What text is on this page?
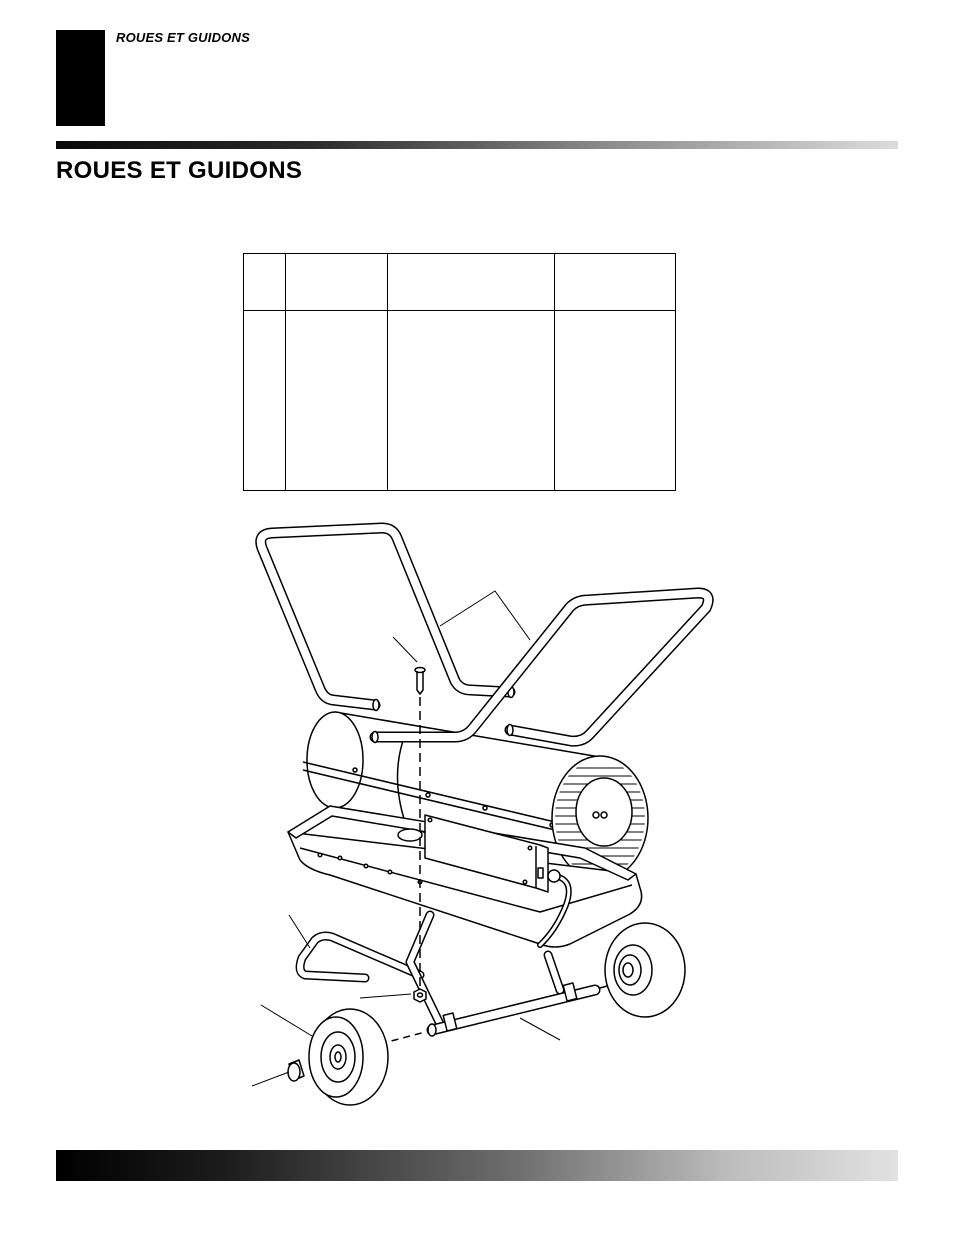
ROUES ET GUIDONS
ROUES ET GUIDONS
